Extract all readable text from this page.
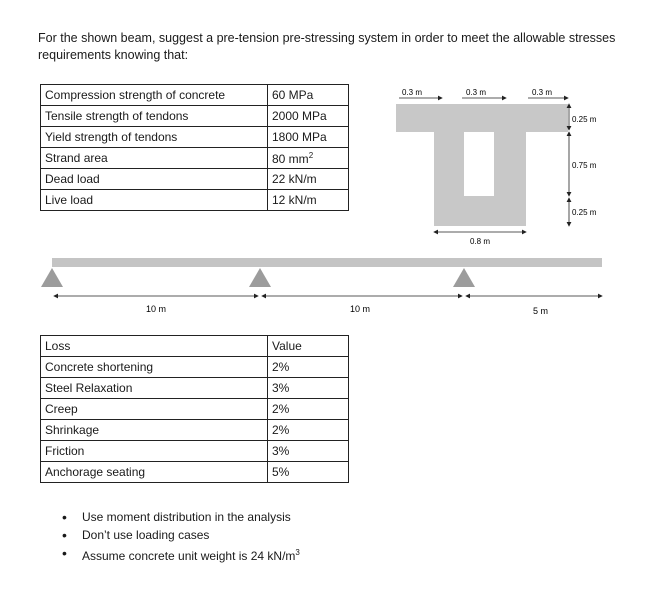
For the shown beam, suggest a pre-tension pre-stressing system in order to meet the allowable stresses requirements knowing that:
Compression strength of concrete	60 MPa
Tensile strength of tendons	2000 MPa
Yield strength of tendons	1800 MPa
Strand area	80 $mm^2$
Dead load	22 kN/m
Live load	12 kN/m
0.3 m	0.3 m	0.3 m
0.25 m
0.75 m
0.25 m
0.8 m
10 m	10 m	5 m
Loss	Value
Concrete shortening	2%
Steel Relaxation	3%
Creep	2%
Shrinkage	2%
Friction	3%
Anchorage seating	5%
• Use moment distribution in the analysis
• Don’t use loading cases
• Assume concrete unit weight is 24 $kN/m^3$
